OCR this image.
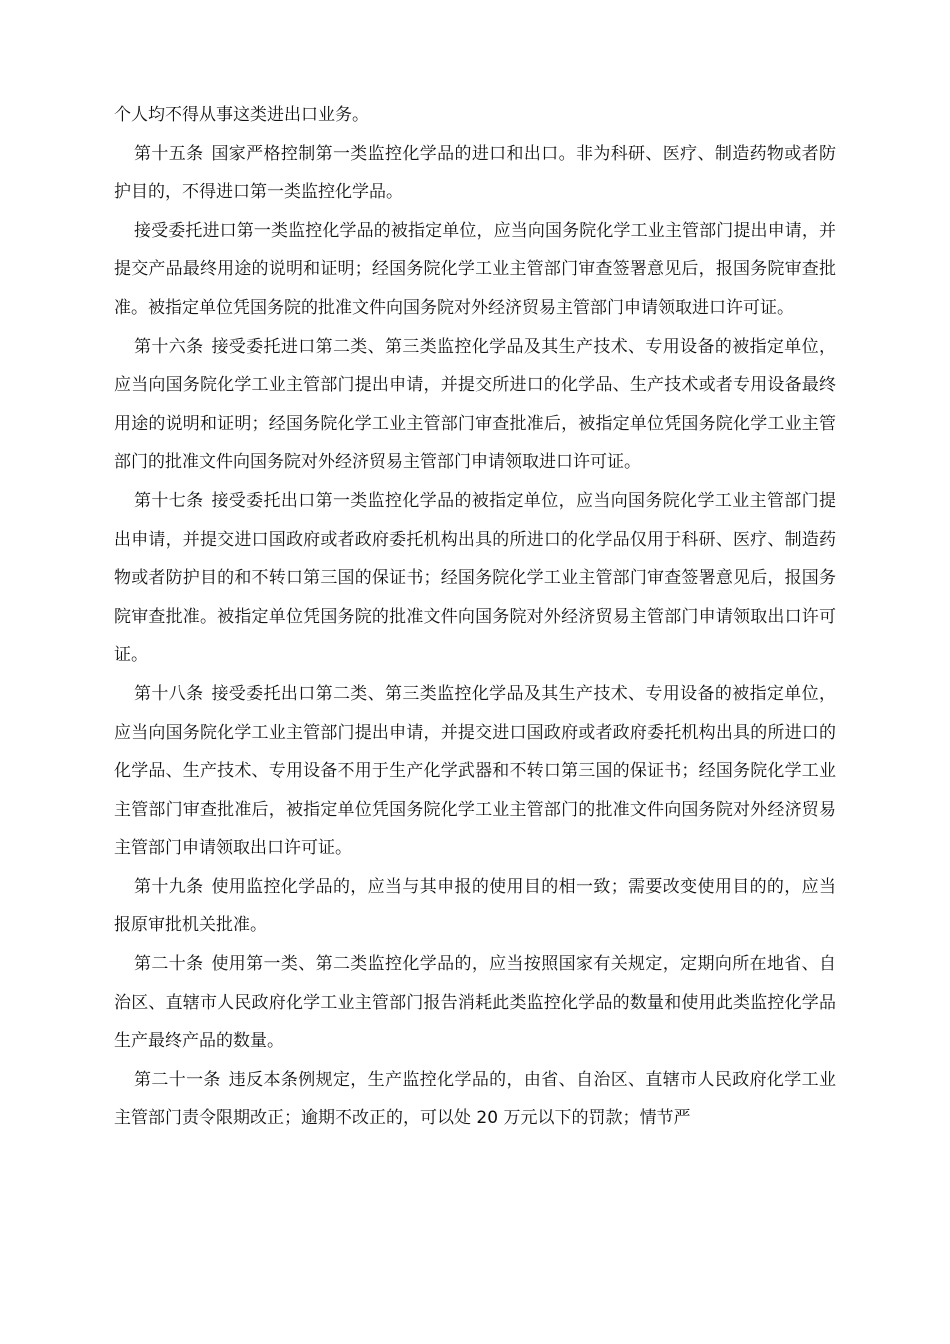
个人均不得从事这类进出口业务。

第十五条 国家严格控制第一类监控化学品的进口和出口。非为科研、医疗、制造药物或者防护目的，不得进口第一类监控化学品。

接受委托进口第一类监控化学品的被指定单位，应当向国务院化学工业主管部门提出申请，并提交产品最终用途的说明和证明；经国务院化学工业主管部门审查签署意见后，报国务院审查批准。被指定单位凭国务院的批准文件向国务院对外经济贸易主管部门申请领取进口许可证。

第十六条 接受委托进口第二类、第三类监控化学品及其生产技术、专用设备的被指定单位，应当向国务院化学工业主管部门提出申请，并提交所进口的化学品、生产技术或者专用设备最终用途的说明和证明；经国务院化学工业主管部门审查批准后，被指定单位凭国务院化学工业主管部门的批准文件向国务院对外经济贸易主管部门申请领取进口许可证。

第十七条 接受委托出口第一类监控化学品的被指定单位，应当向国务院化学工业主管部门提出申请，并提交进口国政府或者政府委托机构出具的所进口的化学品仅用于科研、医疗、制造药物或者防护目的和不转口第三国的保证书；经国务院化学工业主管部门审查签署意见后，报国务院审查批准。被指定单位凭国务院的批准文件向国务院对外经济贸易主管部门申请领取出口许可证。

第十八条 接受委托出口第二类、第三类监控化学品及其生产技术、专用设备的被指定单位，应当向国务院化学工业主管部门提出申请，并提交进口国政府或者政府委托机构出具的所进口的化学品、生产技术、专用设备不用于生产化学武器和不转口第三国的保证书；经国务院化学工业主管部门审查批准后，被指定单位凭国务院化学工业主管部门的批准文件向国务院对外经济贸易主管部门申请领取出口许可证。

第十九条 使用监控化学品的，应当与其申报的使用目的相一致；需要改变使用目的的，应当报原审批机关批准。

第二十条 使用第一类、第二类监控化学品的，应当按照国家有关规定，定期向所在地省、自治区、直辖市人民政府化学工业主管部门报告消耗此类监控化学品的数量和使用此类监控化学品生产最终产品的数量。

第二十一条 违反本条例规定，生产监控化学品的，由省、自治区、直辖市人民政府化学工业主管部门责令限期改正；逾期不改正的，可以处 20 万元以下的罚款；情节严
